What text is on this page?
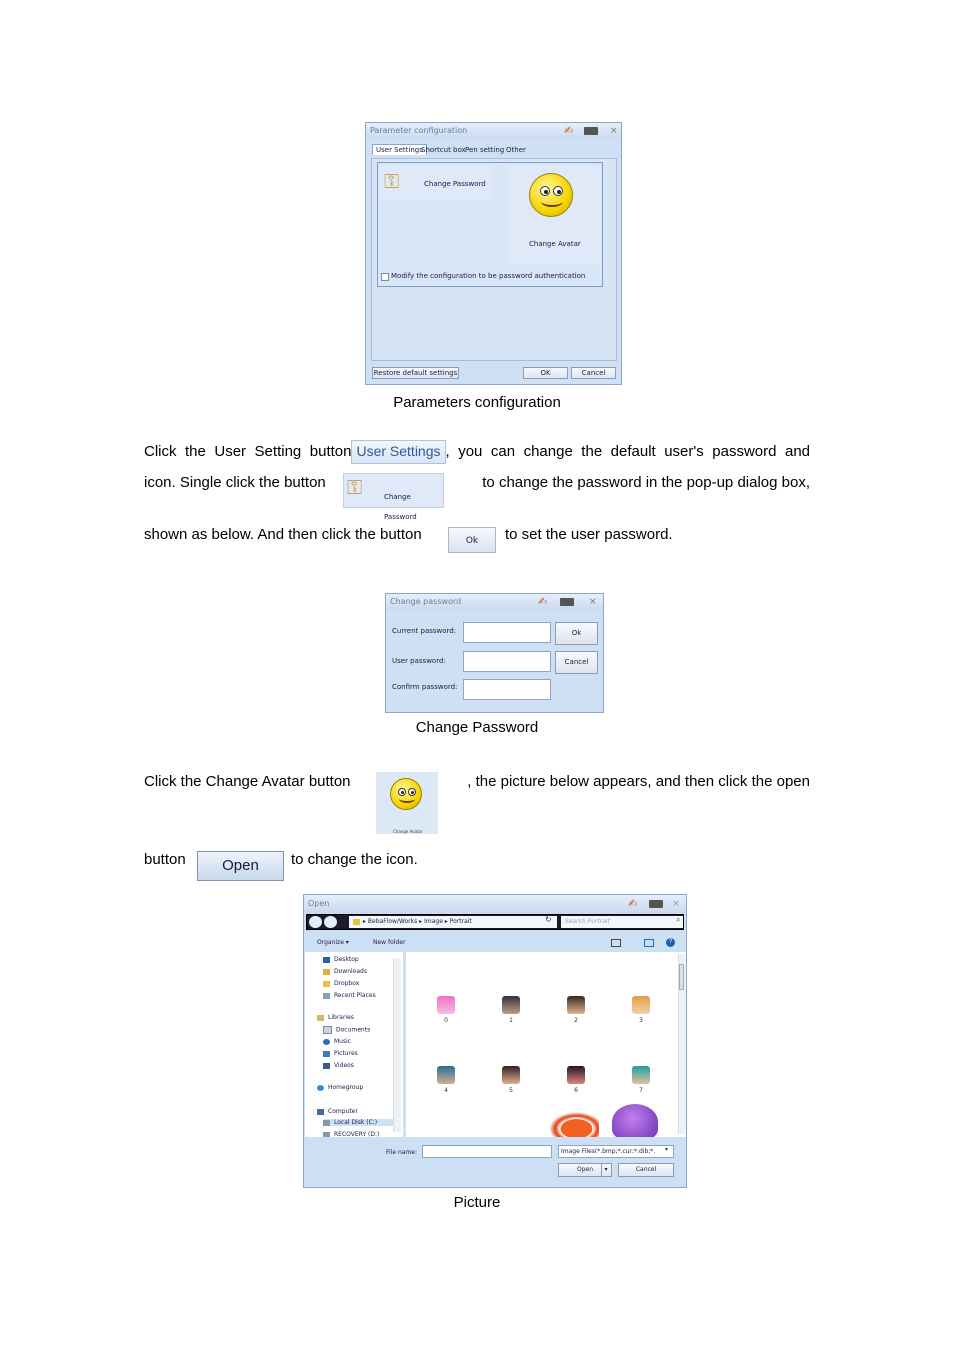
Parameter configuration	✍	×
User Settings
Shortcut box Pen setting Other
⚿	Change Password
Change Avatar
Modify the configuration to be password authentication
Restore default settings	OK	Cancel
Parameters configuration
Click the User Setting button User Settings , you can change the default user's password and
icon. Single click the button ⚿	Change Password
to change the password in the pop-up dialog box,
shown as below. And then click the button	Ok	to set the user password.
Change password	✍	×
Current password:
User password:
Confirm password:
Ok
Cancel
Change Password
Click the Change Avatar button
Change Avatar
, the picture below appears, and then click the open
button	Open	to change the icon.
Open	✍	×
▸ BebaFlow/Works ▸ Image ▸ Portrait	↻	Search Portrait	⌕
Organize ▾	New folder	?
Desktop
Downloads
Dropbox
Recent Places
Libraries
Documents
Music
Pictures
Videos
Homegroup
Computer
Local Disk (C:)
RECOVERY (D:)
0	1	2	3
4	5	6	7
File name:	Image Files(*.bmp;*.cur;*.dib;*.	▾
Open	▾	Cancel
Picture
